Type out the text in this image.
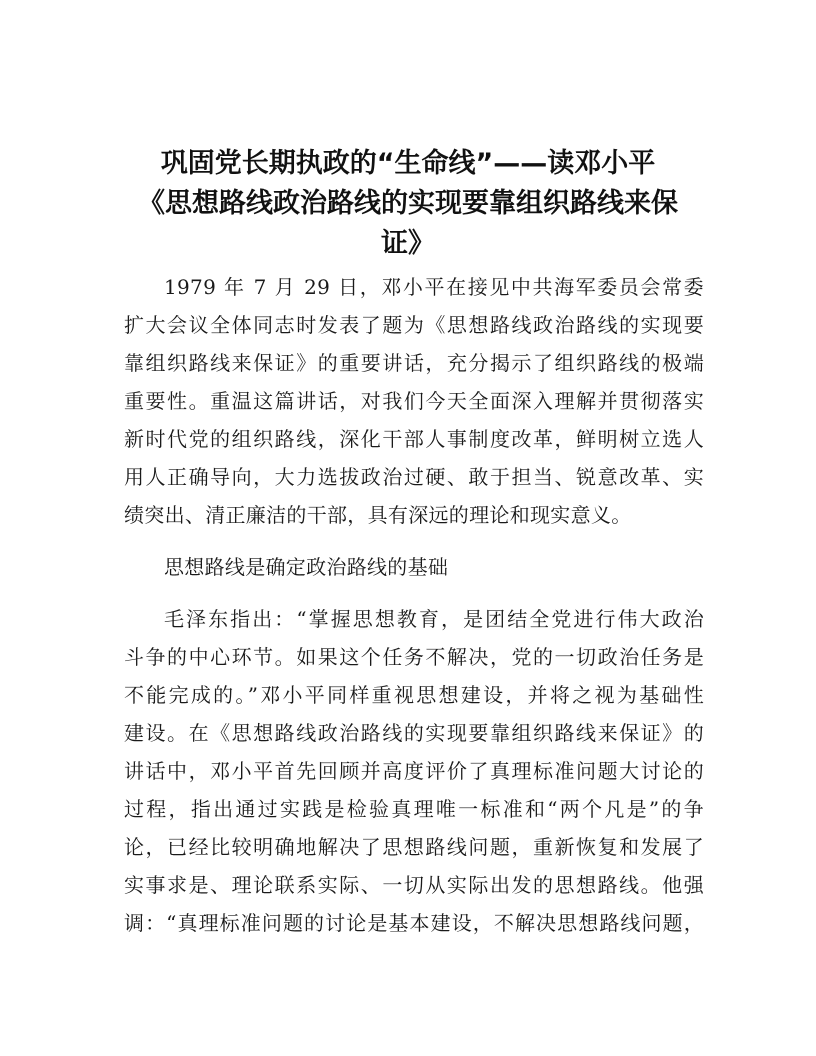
巩固党长期执政的“生命线”——读邓小平
《思想路线政治路线的实现要靠组织路线来保
证》
1979 年 7 月 29 日，邓小平在接见中共海军委员会常委
扩大会议全体同志时发表了题为《思想路线政治路线的实现要
靠组织路线来保证》的重要讲话，充分揭示了组织路线的极端
重要性。重温这篇讲话，对我们今天全面深入理解并贯彻落实
新时代党的组织路线，深化干部人事制度改革，鲜明树立选人
用人正确导向，大力选拔政治过硬、敢于担当、锐意改革、实
绩突出、清正廉洁的干部，具有深远的理论和现实意义。
思想路线是确定政治路线的基础
毛泽东指出：“掌握思想教育，是团结全党进行伟大政治
斗争的中心环节。如果这个任务不解决，党的一切政治任务是
不能完成的。”邓小平同样重视思想建设，并将之视为基础性
建设。在《思想路线政治路线的实现要靠组织路线来保证》的
讲话中，邓小平首先回顾并高度评价了真理标准问题大讨论的
过程，指出通过实践是检验真理唯一标准和“两个凡是”的争
论，已经比较明确地解决了思想路线问题，重新恢复和发展了
实事求是、理论联系实际、一切从实际出发的思想路线。他强
调：“真理标准问题的讨论是基本建设，不解决思想路线问题，
